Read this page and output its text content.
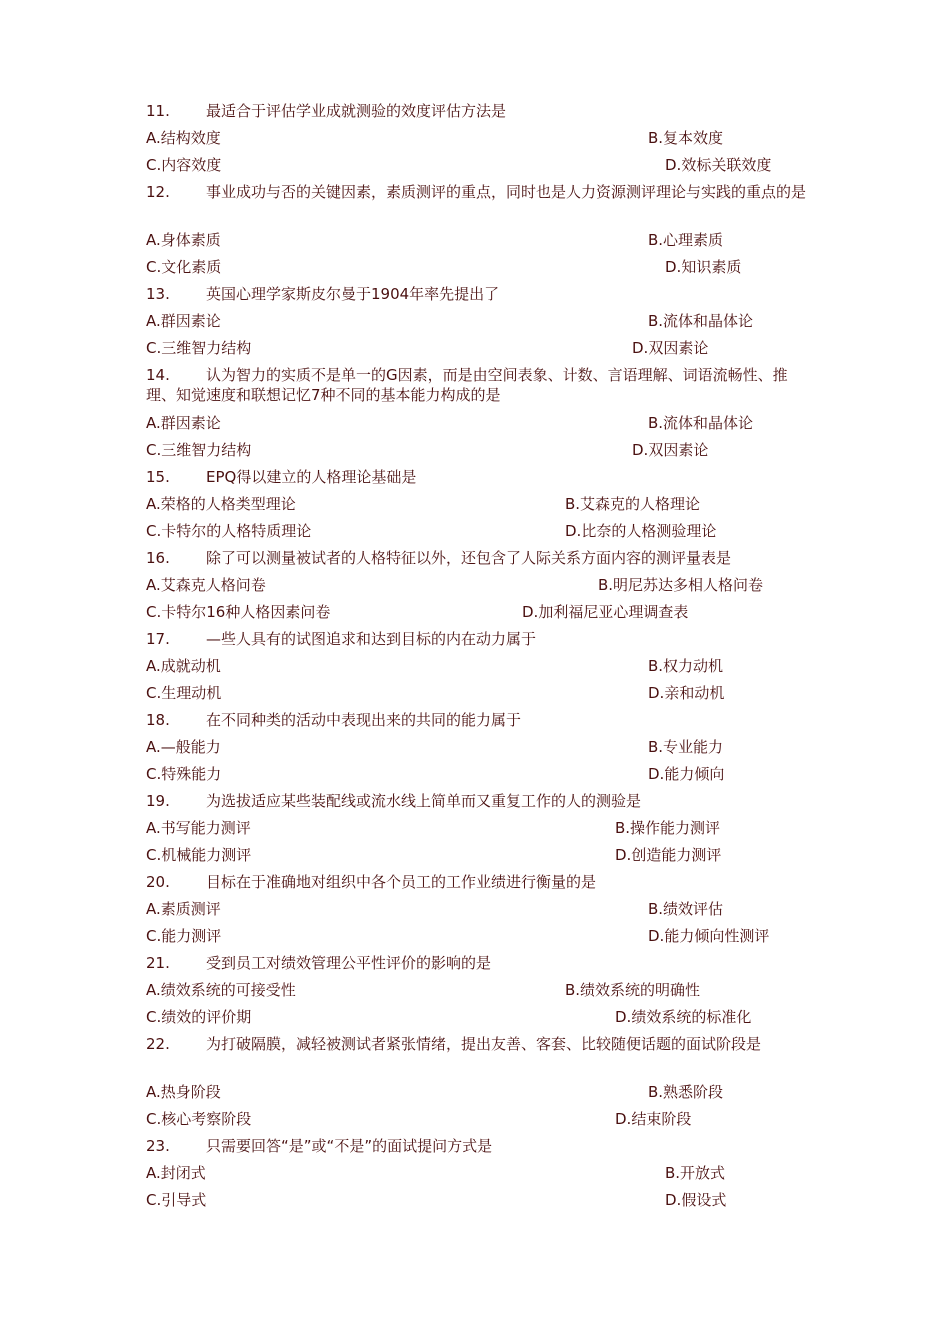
11. 最适合于评估学业成就测验的效度评估方法是
A.结构效度	B.复本效度
C.内容效度	D.效标关联效度
12. 事业成功与否的关键因素，素质测评的重点，同时也是人力资源测评理论与实践的重点的是
A.身体素质	B.心理素质
C.文化素质	D.知识素质
13. 英国心理学家斯皮尔曼于1904年率先提出了
A.群因素论	B.流体和晶体论
C.三维智力结构	D.双因素论
14. 认为智力的实质不是单一的G因素，而是由空间表象、计数、言语理解、词语流畅性、推理、知觉速度和联想记忆7种不同的基本能力构成的是
A.群因素论	B.流体和晶体论
C.三维智力结构	D.双因素论
15. EPQ得以建立的人格理论基础是
A.荣格的人格类型理论	B.艾森克的人格理论
C.卡特尔的人格特质理论	D.比奈的人格测验理论
16. 除了可以测量被试者的人格特征以外，还包含了人际关系方面内容的测评量表是
A.艾森克人格问卷	B.明尼苏达多相人格问卷
C.卡特尔16种人格因素问卷	D.加利福尼亚心理调查表
17. —些人具有的试图追求和达到目标的内在动力属于
A.成就动机	B.权力动机
C.生理动机	D.亲和动机
18. 在不同种类的活动中表现出来的共同的能力属于
A.—般能力	B.专业能力
C.特殊能力	D.能力倾向
19. 为选拔适应某些装配线或流水线上简单而又重复工作的人的测验是
A.书写能力测评	B.操作能力测评
C.机械能力测评	D.创造能力测评
20. 目标在于准确地对组织中各个员工的工作业绩进行衡量的是
A.素质测评	B.绩效评估
C.能力测评	D.能力倾向性测评
21. 受到员工对绩效管理公平性评价的影响的是
A.绩效系统的可接受性	B.绩效系统的明确性
C.绩效的评价期	D.绩效系统的标准化
22. 为打破隔膜，减轻被测试者紧张情绪，提出友善、客套、比较随便话题的面试阶段是
A.热身阶段	B.熟悉阶段
C.核心考察阶段	D.结束阶段
23. 只需要回答“是”或“不是”的面试提问方式是
A.封闭式	B.开放式
C.引导式	D.假设式
